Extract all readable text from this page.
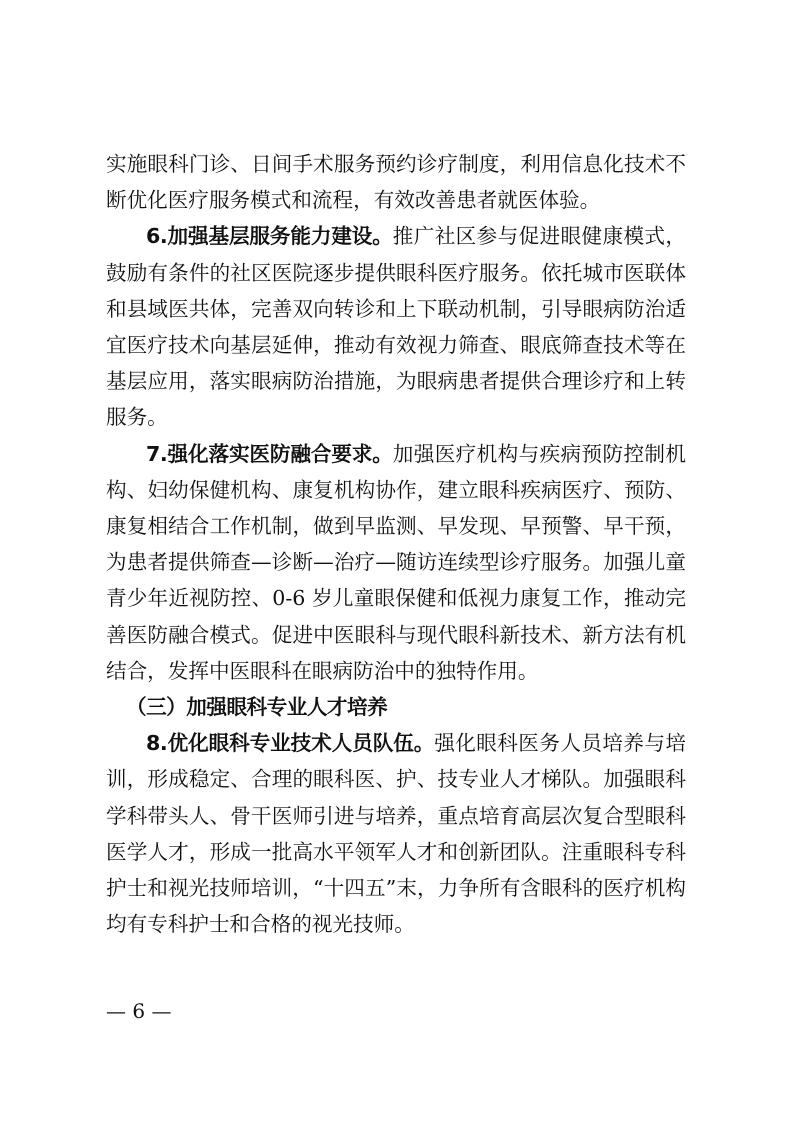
实施眼科门诊、日间手术服务预约诊疗制度，利用信息化技术不断优化医疗服务模式和流程，有效改善患者就医体验。

6.加强基层服务能力建设。推广社区参与促进眼健康模式，鼓励有条件的社区医院逐步提供眼科医疗服务。依托城市医联体和县域医共体，完善双向转诊和上下联动机制，引导眼病防治适宜医疗技术向基层延伸，推动有效视力筛查、眼底筛查技术等在基层应用，落实眼病防治措施，为眼病患者提供合理诊疗和上转服务。

7.强化落实医防融合要求。加强医疗机构与疾病预防控制机构、妇幼保健机构、康复机构协作，建立眼科疾病医疗、预防、康复相结合工作机制，做到早监测、早发现、早预警、早干预，为患者提供筛查—诊断—治疗—随访连续型诊疗服务。加强儿童青少年近视防控、0-6 岁儿童眼保健和低视力康复工作，推动完善医防融合模式。促进中医眼科与现代眼科新技术、新方法有机结合，发挥中医眼科在眼病防治中的独特作用。

（三）加强眼科专业人才培养

8.优化眼科专业技术人员队伍。强化眼科医务人员培养与培训，形成稳定、合理的眼科医、护、技专业人才梯队。加强眼科学科带头人、骨干医师引进与培养，重点培育高层次复合型眼科医学人才，形成一批高水平领军人才和创新团队。注重眼科专科护士和视光技师培训，“十四五”末，力争所有含眼科的医疗机构均有专科护士和合格的视光技师。

— 6 —
